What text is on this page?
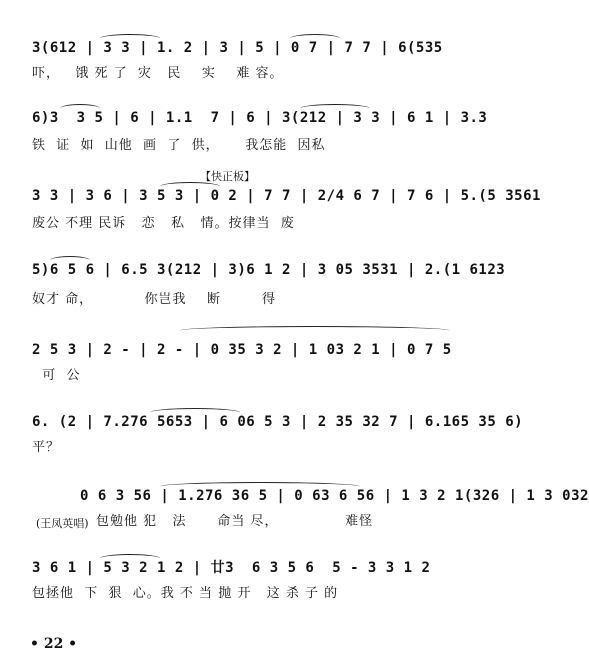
3(612 | 3 3 | 1. 2 | 3 | 5 | 0 7 | 7 7 | 6(535
吓，   饿 死 了  灾   民    实    难 容。
6)3  3 5 | 6 | 1.1  7 | 6 | 3(212 | 3 3 | 6 1 | 3.3
铁  证  如  山他  画  了  供，     我怎能  因私
【快正板】
3 3 | 3 6 | 3 5 3 | 0 2 | 7 7 | 2/4 6 7 | 7 6 | 5.(5 3561
废公 不理 民诉   恋   私   情。按律当  废
5)6 5 6 | 6.5 3(212 | 3)6 1 2 | 3 05 3531 | 2.(1 6123
奴才 命，          你岂我    断        得
2 5 3 | 2 - | 2 - | 0 35 3 2 | 1 03 2 1 | 0 7 5
可  公
6. (2 | 7.276 5653 | 6 06 5 3 | 2 35 32 7 | 6.165 35 6)
平？
0 6 3 56 | 1.276 36 5 | 0 63 6 56 | 1 3 2 1(326 | 1 3 032
(王凤英唱) 包勉他 犯   法      命当 尽，             难怪
3 6 1 | 5 3 2 1 2 | 廿3  6 3 5 6  5 - 3 3 1 2
包拯他  下  狠  心。我 不 当 抛 开   这 杀 子 的
• 22 •
